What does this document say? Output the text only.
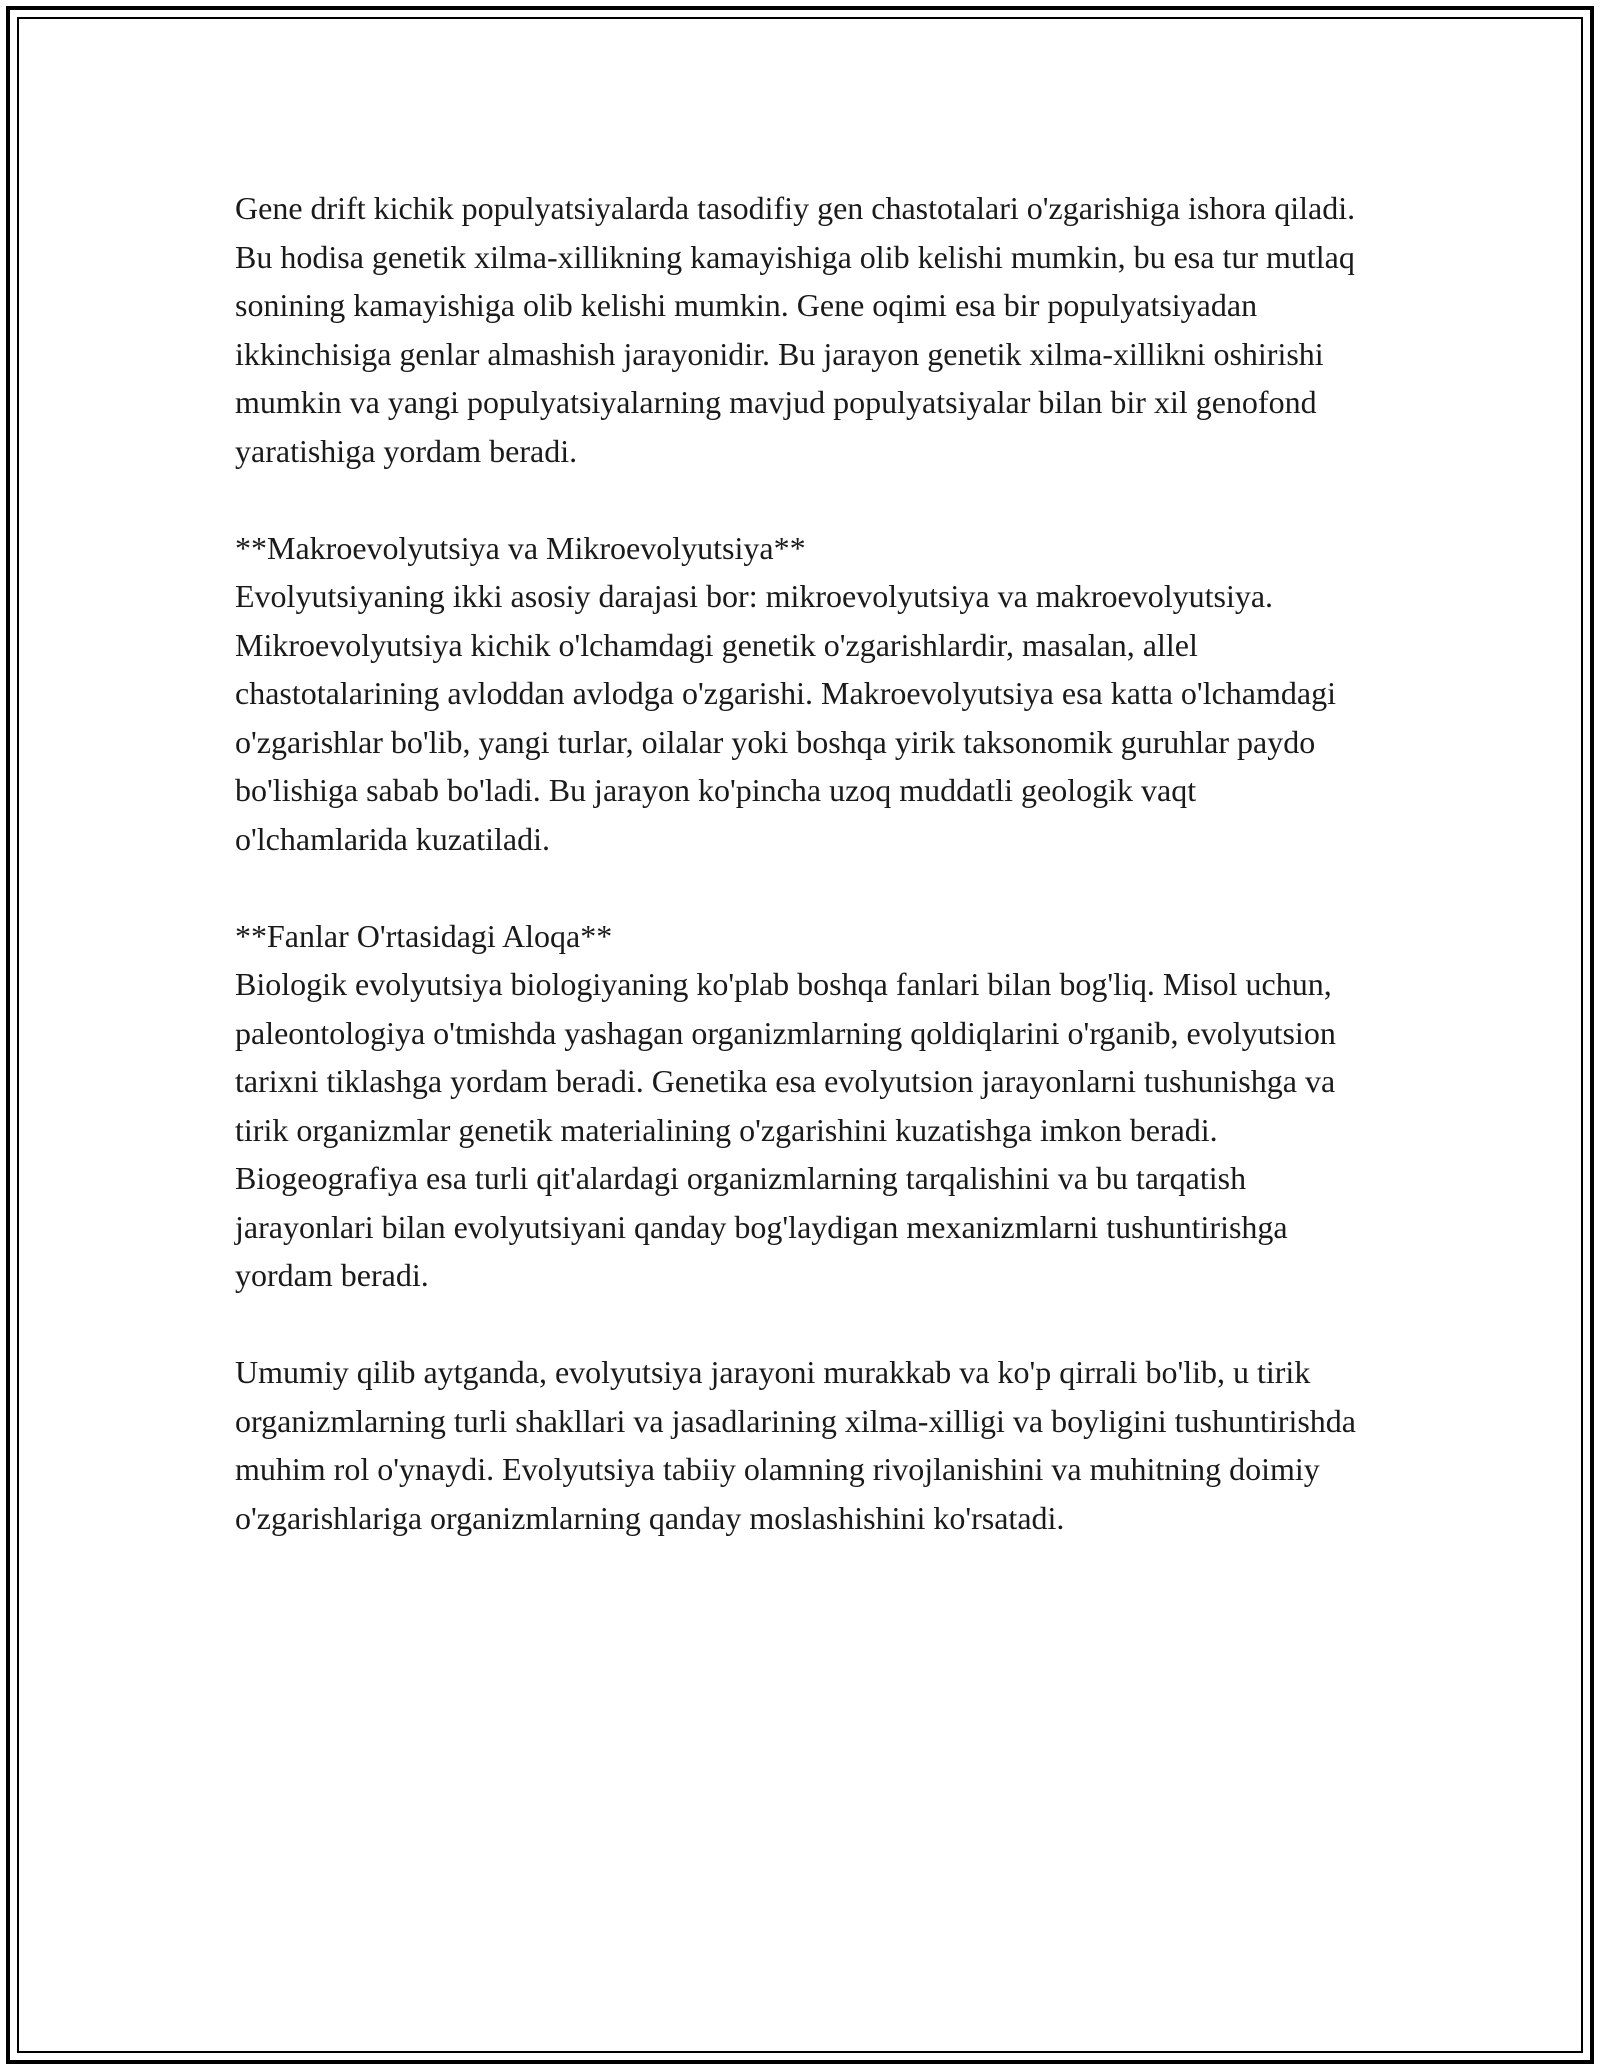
Gene drift kichik populyatsiyalarda tasodifiy gen chastotalari o'zgarishiga ishora qiladi. Bu hodisa genetik xilma-xillikning kamayishiga olib kelishi mumkin, bu esa tur mutlaq sonining kamayishiga olib kelishi mumkin. Gene oqimi esa bir populyatsiyadan ikkinchisiga genlar almashish jarayonidir. Bu jarayon genetik xilma-xillikni oshirishi mumkin va yangi populyatsiyalarning mavjud populyatsiyalar bilan bir xil genofond yaratishiga yordam beradi.

**Makroevolyutsiya va Mikroevolyutsiya**

Evolyutsiyaning ikki asosiy darajasi bor: mikroevolyutsiya va makroevolyutsiya. Mikroevolyutsiya kichik o'lchamdagi genetik o'zgarishlardir, masalan, allel chastotalarining avloddan avlodga o'zgarishi. Makroevolyutsiya esa katta o'lchamdagi o'zgarishlar bo'lib, yangi turlar, oilalar yoki boshqa yirik taksonomik guruhlar paydo bo'lishiga sabab bo'ladi. Bu jarayon ko'pincha uzoq muddatli geologik vaqt o'lchamlarida kuzatiladi.

**Fanlar O'rtasidagi Aloqa**

Biologik evolyutsiya biologiyaning ko'plab boshqa fanlari bilan bog'liq. Misol uchun, paleontologiya o'tmishda yashagan organizmlarning qoldiqlarini o'rganib, evolyutsion tarixni tiklashga yordam beradi. Genetika esa evolyutsion jarayonlarni tushunishga va tirik organizmlar genetik materialining o'zgarishini kuzatishga imkon beradi. Biogeografiya esa turli qit'alardagi organizmlarning tarqalishini va bu tarqatish jarayonlari bilan evolyutsiyani qanday bog'laydigan mexanizmlarni tushuntirishga yordam beradi.

Umumiy qilib aytganda, evolyutsiya jarayoni murakkab va ko'p qirrali bo'lib, u tirik organizmlarning turli shakllari va jasadlarining xilma-xilligi va boyligini tushuntirishda muhim rol o'ynaydi. Evolyutsiya tabiiy olamning rivojlanishini va muhitning doimiy o'zgarishlariga organizmlarning qanday moslashishini ko'rsatadi.
